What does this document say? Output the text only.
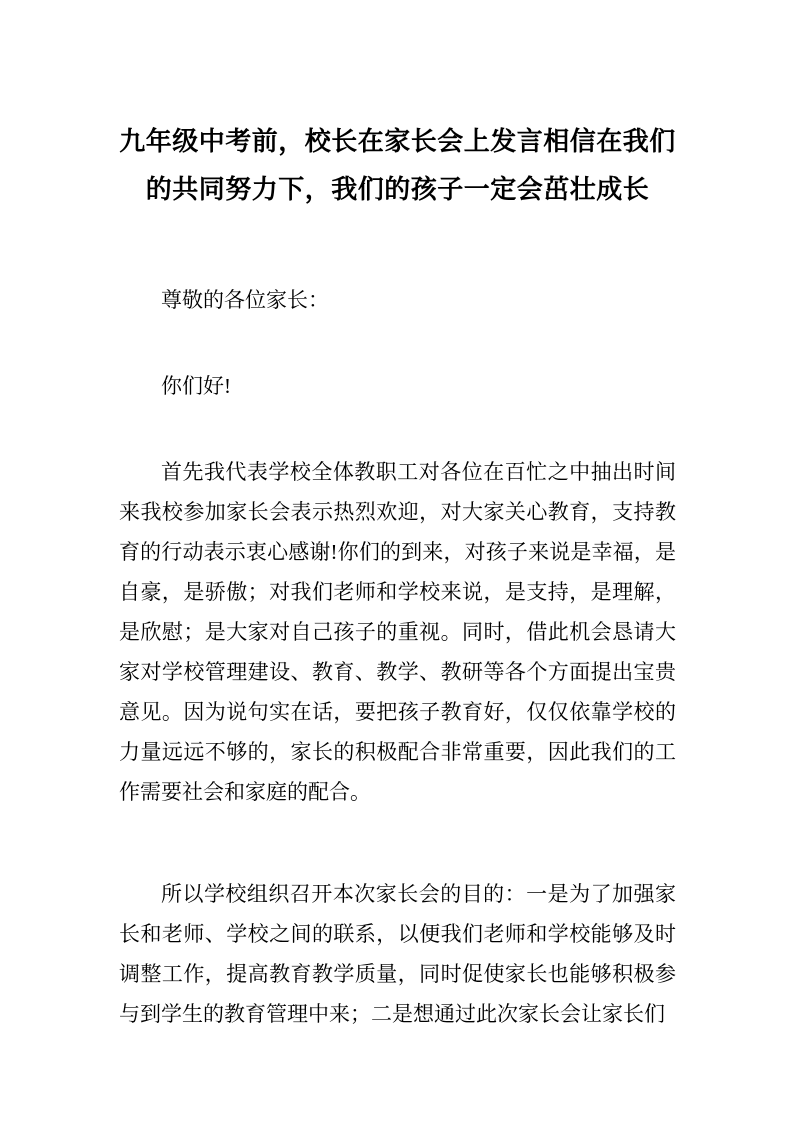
九年级中考前，校长在家长会上发言相信在我们的共同努力下，我们的孩子一定会茁壮成长

尊敬的各位家长：

你们好!

首先我代表学校全体教职工对各位在百忙之中抽出时间来我校参加家长会表示热烈欢迎，对大家关心教育，支持教育的行动表示衷心感谢!你们的到来，对孩子来说是幸福，是自豪，是骄傲；对我们老师和学校来说，是支持，是理解，是欣慰；是大家对自己孩子的重视。同时，借此机会恳请大家对学校管理建设、教育、教学、教研等各个方面提出宝贵意见。因为说句实在话，要把孩子教育好，仅仅依靠学校的力量远远不够的，家长的积极配合非常重要，因此我们的工作需要社会和家庭的配合。

所以学校组织召开本次家长会的目的：一是为了加强家长和老师、学校之间的联系，以便我们老师和学校能够及时调整工作，提高教育教学质量，同时促使家长也能够积极参与到学生的教育管理中来；二是想通过此次家长会让家长们
